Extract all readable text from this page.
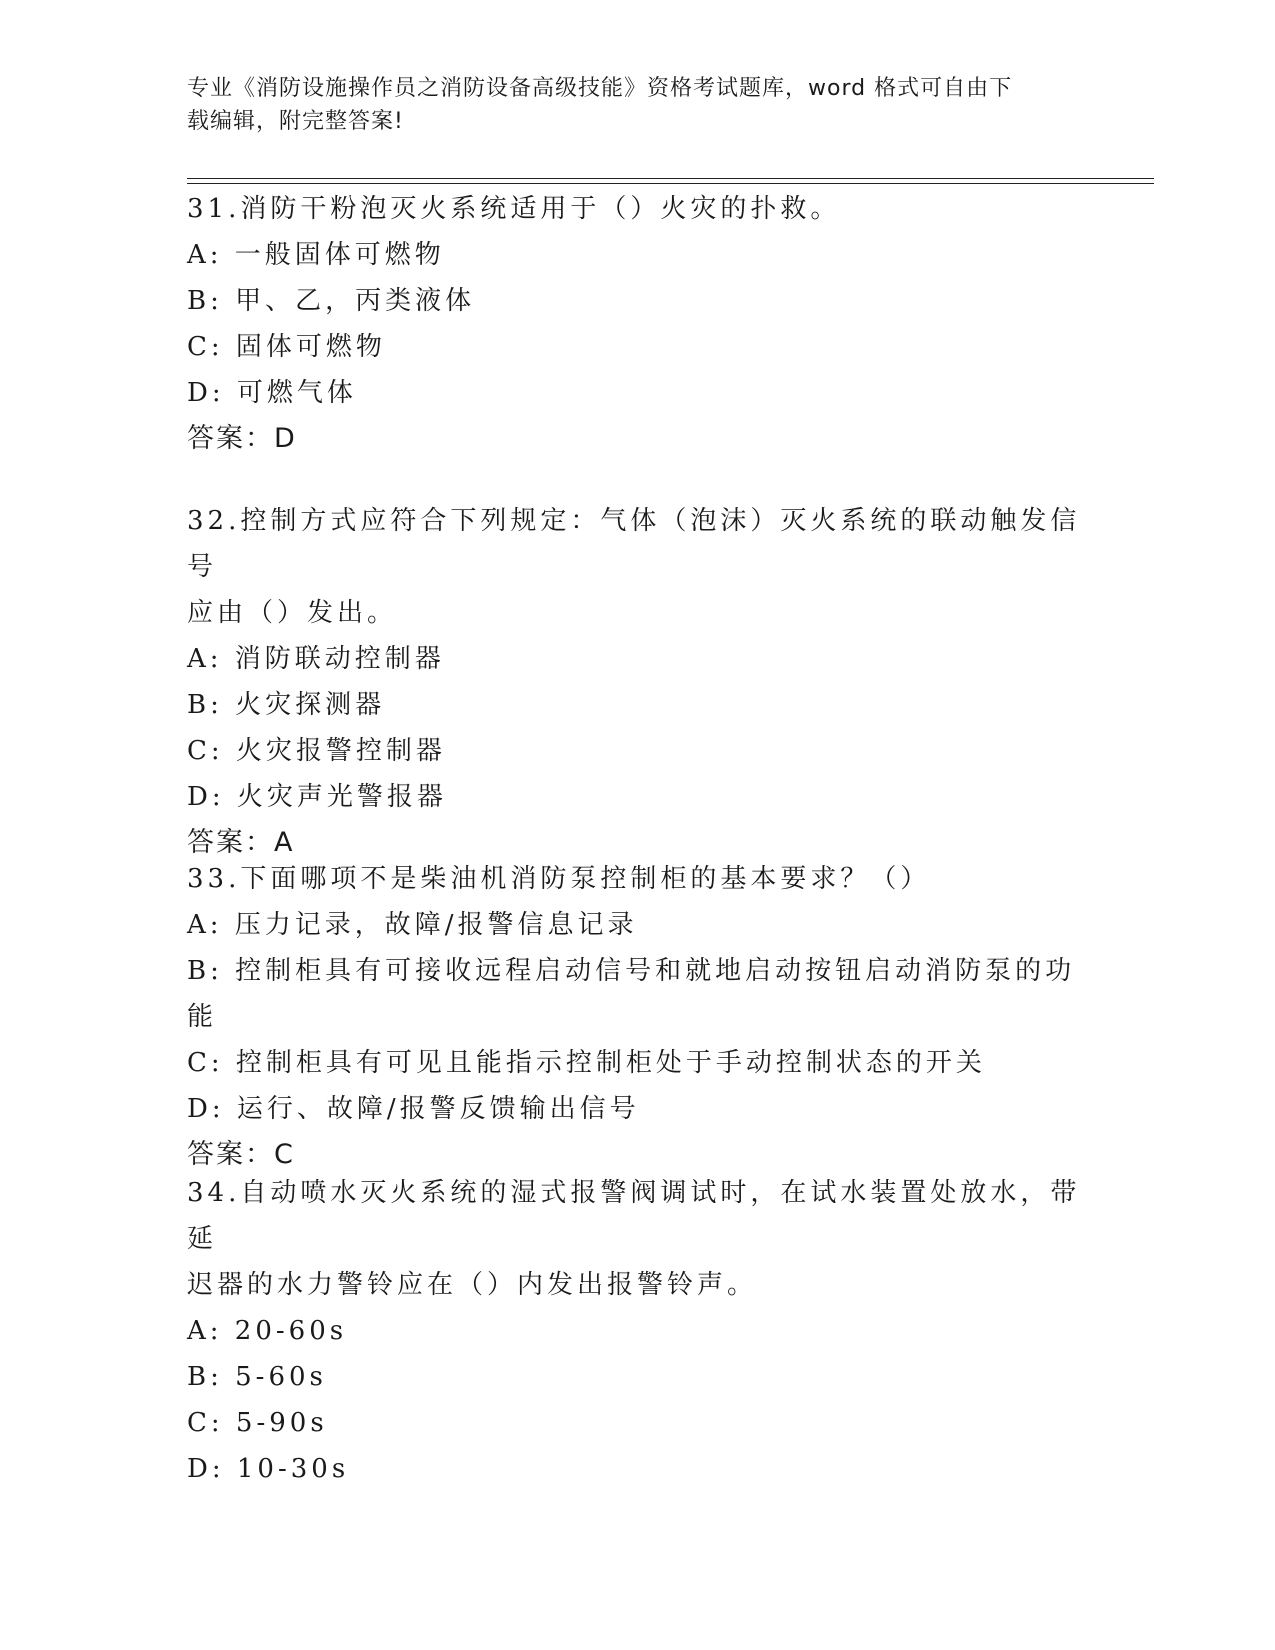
专业《消防设施操作员之消防设备高级技能》资格考试题库，word 格式可自由下
载编辑，附完整答案!
31.消防干粉泡灭火系统适用于（）火灾的扑救。
A: 一般固体可燃物
B: 甲、乙，丙类液体
C: 固体可燃物
D: 可燃气体
答案：D
32.控制方式应符合下列规定：气体（泡沫）灭火系统的联动触发信号
应由（）发出。
A: 消防联动控制器
B: 火灾探测器
C: 火灾报警控制器
D: 火灾声光警报器
答案：A
33.下面哪项不是柴油机消防泵控制柜的基本要求？（）
A: 压力记录，故障/报警信息记录
B: 控制柜具有可接收远程启动信号和就地启动按钮启动消防泵的功能
C: 控制柜具有可见且能指示控制柜处于手动控制状态的开关
D: 运行、故障/报警反馈输出信号
答案：C
34.自动喷水灭火系统的湿式报警阀调试时，在试水装置处放水，带延
迟器的水力警铃应在（）内发出报警铃声。
A: 20-60s
B: 5-60s
C: 5-90s
D: 10-30s
